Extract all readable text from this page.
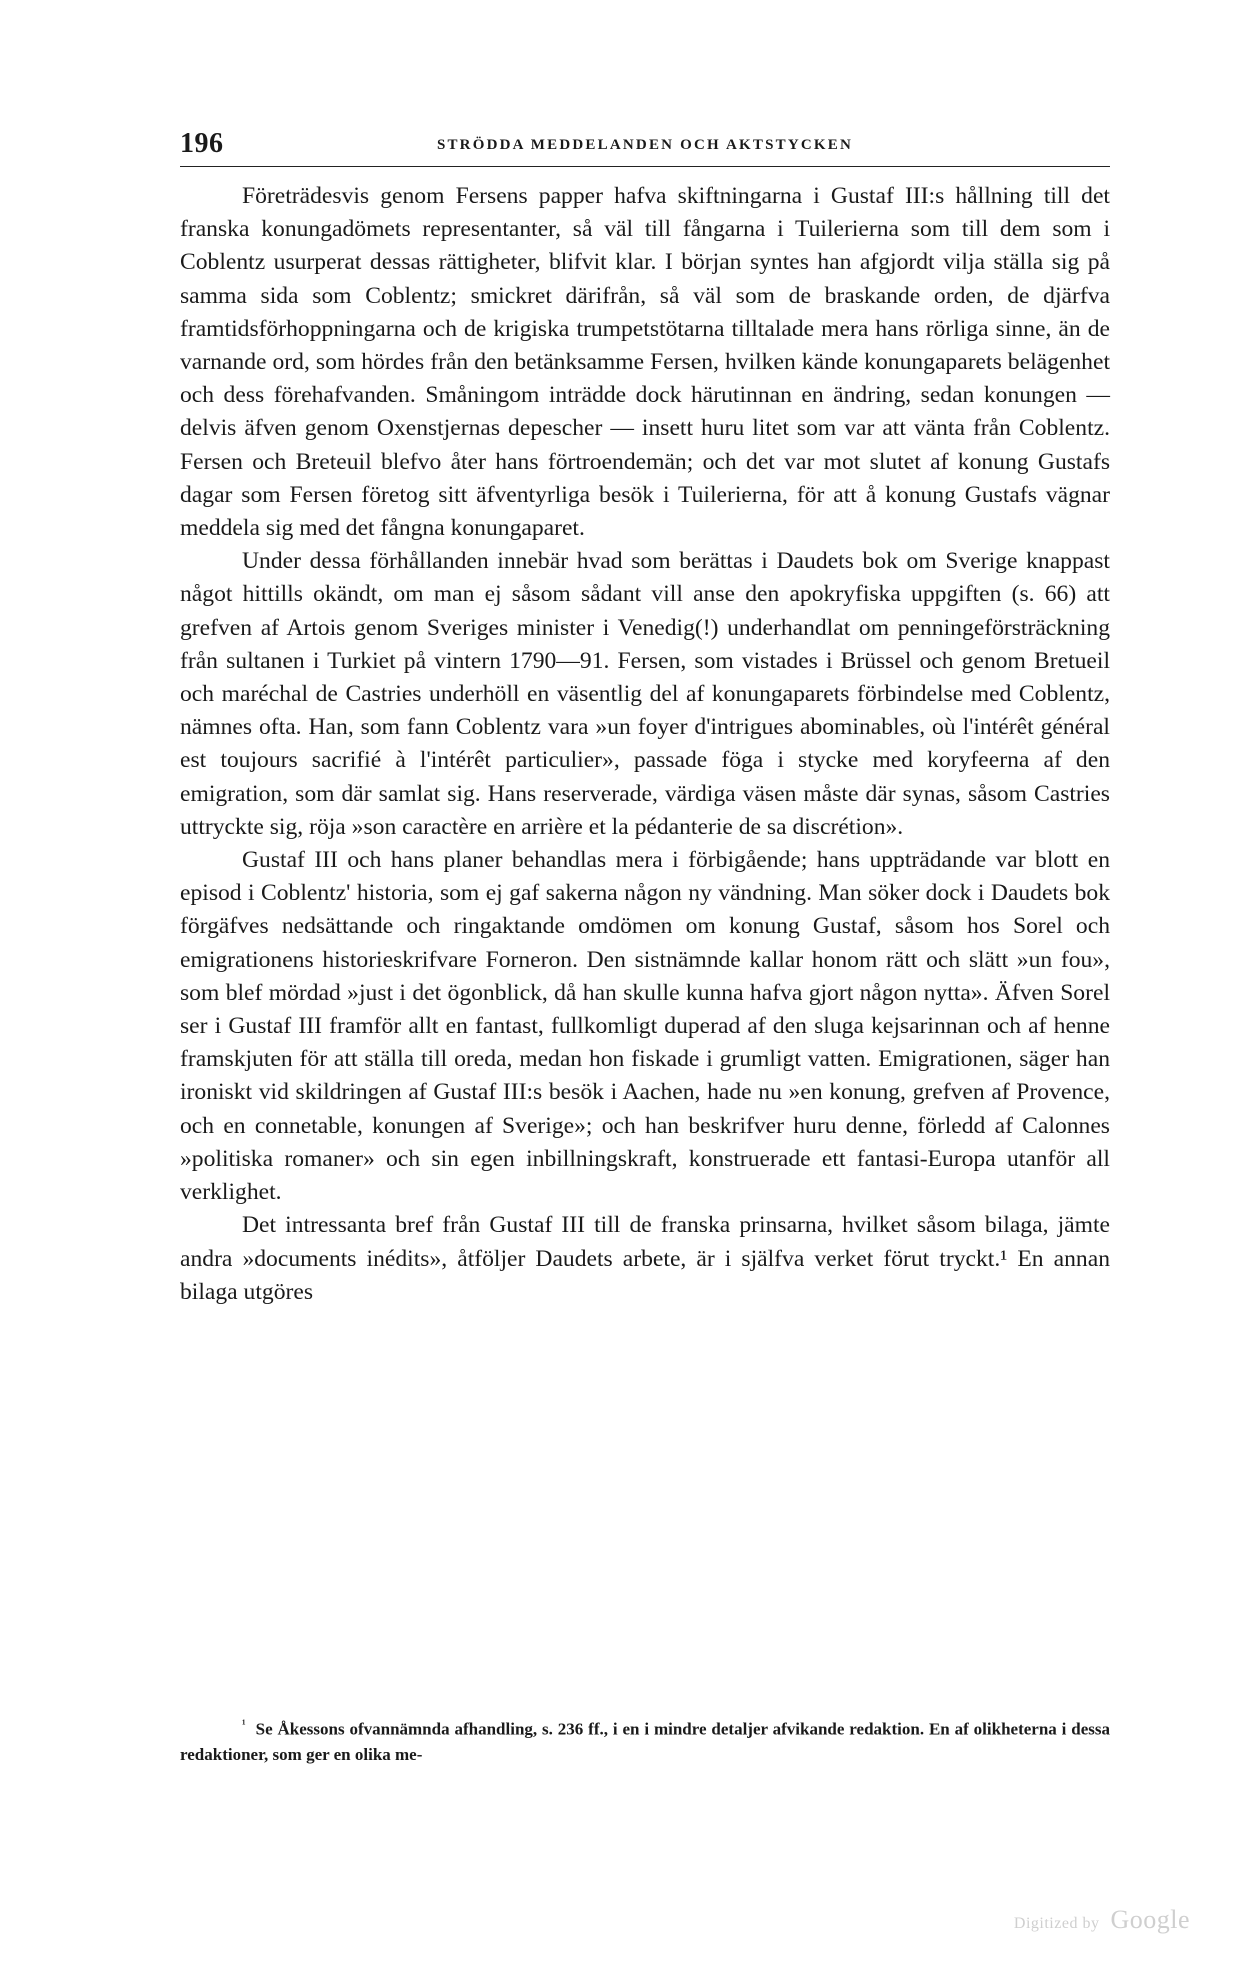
196	STRÖDDA MEDDELANDEN OCH AKTSTYCKEN

Företrädesvis genom Fersens papper hafva skiftningarna i Gustaf III:s hållning till det franska konungadömets representanter, så väl till fångarna i Tuilerierna som till dem som i Coblentz usurperat dessas rättigheter, blifvit klar. I början syntes han afgjordt vilja ställa sig på samma sida som Coblentz; smickret därifrån, så väl som de braskande orden, de djärfva framtidsförhoppningarna och de krigiska trumpetstötarna tilltalade mera hans rörliga sinne, än de varnande ord, som hördes från den betänksamme Fersen, hvilken kände konungaparets belägenhet och dess förehafvanden. Småningom inträdde dock härutinnan en ändring, sedan konungen — delvis äfven genom Oxenstjernas depescher — insett huru litet som var att vänta från Coblentz. Fersen och Breteuil blefvo åter hans förtroendemän; och det var mot slutet af konung Gustafs dagar som Fersen företog sitt äfventyrliga besök i Tuilerierna, för att å konung Gustafs vägnar meddela sig med det fångna konungaparet.

Under dessa förhållanden innebär hvad som berättas i Daudets bok om Sverige knappast något hittills okändt, om man ej såsom sådant vill anse den apokryfiska uppgiften (s. 66) att grefven af Artois genom Sveriges minister i Venedig(!) underhandlat om penningeförsträckning från sultanen i Turkiet på vintern 1790—91. Fersen, som vistades i Brüssel och genom Bretueil och maréchal de Castries underhöll en väsentlig del af konungaparets förbindelse med Coblentz, nämnes ofta. Han, som fann Coblentz vara »un foyer d'intrigues abominables, où l'intérêt général est toujours sacrifié à l'intérêt particulier», passade föga i stycke med koryfeerna af den emigration, som där samlat sig. Hans reserverade, värdiga väsen måste där synas, såsom Castries uttryckte sig, röja »son caractère en arrière et la pédanterie de sa discrétion».

Gustaf III och hans planer behandlas mera i förbigående; hans uppträdande var blott en episod i Coblentz' historia, som ej gaf sakerna någon ny vändning. Man söker dock i Daudets bok förgäfves nedsättande och ringaktande omdömen om konung Gustaf, såsom hos Sorel och emigrationens historieskrifvare Forneron. Den sistnämnde kallar honom rätt och slätt »un fou», som blef mördad »just i det ögonblick, då han skulle kunna hafva gjort någon nytta». Äfven Sorel ser i Gustaf III framför allt en fantast, fullkomligt duperad af den sluga kejsarinnan och af henne framskjuten för att ställa till oreda, medan hon fiskade i grumligt vatten. Emigrationen, säger han ironiskt vid skildringen af Gustaf III:s besök i Aachen, hade nu »en konung, grefven af Provence, och en connetable, konungen af Sverige»; och han beskrifver huru denne, förledd af Calonnes »politiska romaner» och sin egen inbillningskraft, konstruerade ett fantasi-Europa utanför all verklighet.

Det intressanta bref från Gustaf III till de franska prinsarna, hvilket såsom bilaga, jämte andra »documents inédits», åtföljer Daudets arbete, är i själfva verket förut tryckt.¹ En annan bilaga utgöres

$^{^1}$ Se Åkessons ofvannämnda afhandling, s. 236 ff., i en i mindre detaljer afvikande redaktion. En af olikheterna i dessa redaktioner, som ger en olika me-

Digitized by Google
